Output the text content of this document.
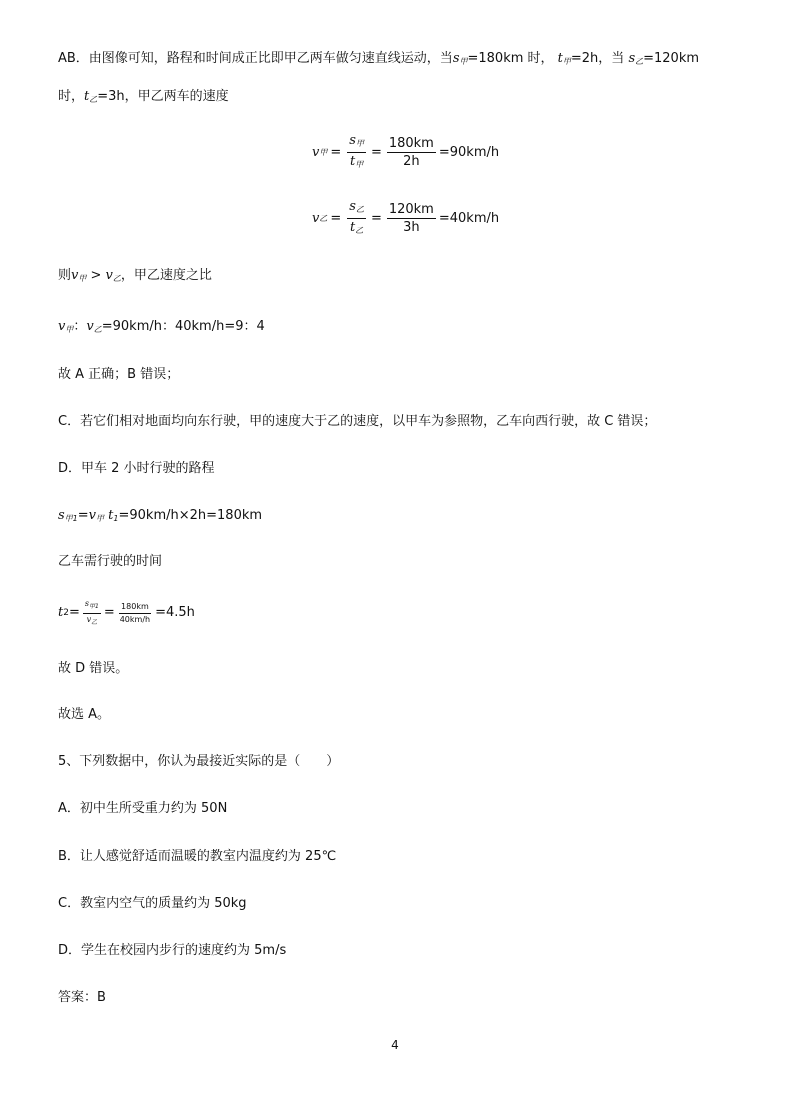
AB．由图像可知，路程和时间成正比即甲乙两车做匀速直线运动，当$s_甲=180km$ 时， $t_甲=2h$，当 $s_乙=120km$
时，$t_乙=3h$，甲乙两车的速度
v 甲 = $\frac{s_甲}{t_甲} = \frac{180km}{2h} =90km/h$
v 乙 = $\frac{s_乙}{t_乙} = \frac{120km}{3h} =40km/h$
则$v_甲 > v_乙$，甲乙速度之比
$v_甲$：$v_乙=90km/h$：40km/h=9：4
故 A 正确；B 错误；
C．若它们相对地面均向东行驶，甲的速度大于乙的速度，以甲车为参照物，乙车向西行驶，故 C 错误；
D．甲车 2 小时行驶的路程
$s_{甲1}=v_甲$ $t_1=90km/h\times 2h=180km$
乙车需行驶的时间
t $2 = \frac{s_{甲1}}{v_乙} = \frac{180km}{40km/h} =4.5h$
故 D 错误。
故选 A。
5、下列数据中，你认为最接近实际的是（　　）
A．初中生所受重力约为 50N
B．让人感觉舒适而温暖的教室内温度约为 25℃
C．教室内空气的质量约为 50kg
D．学生在校园内步行的速度约为 5m/s
答案：B
4
